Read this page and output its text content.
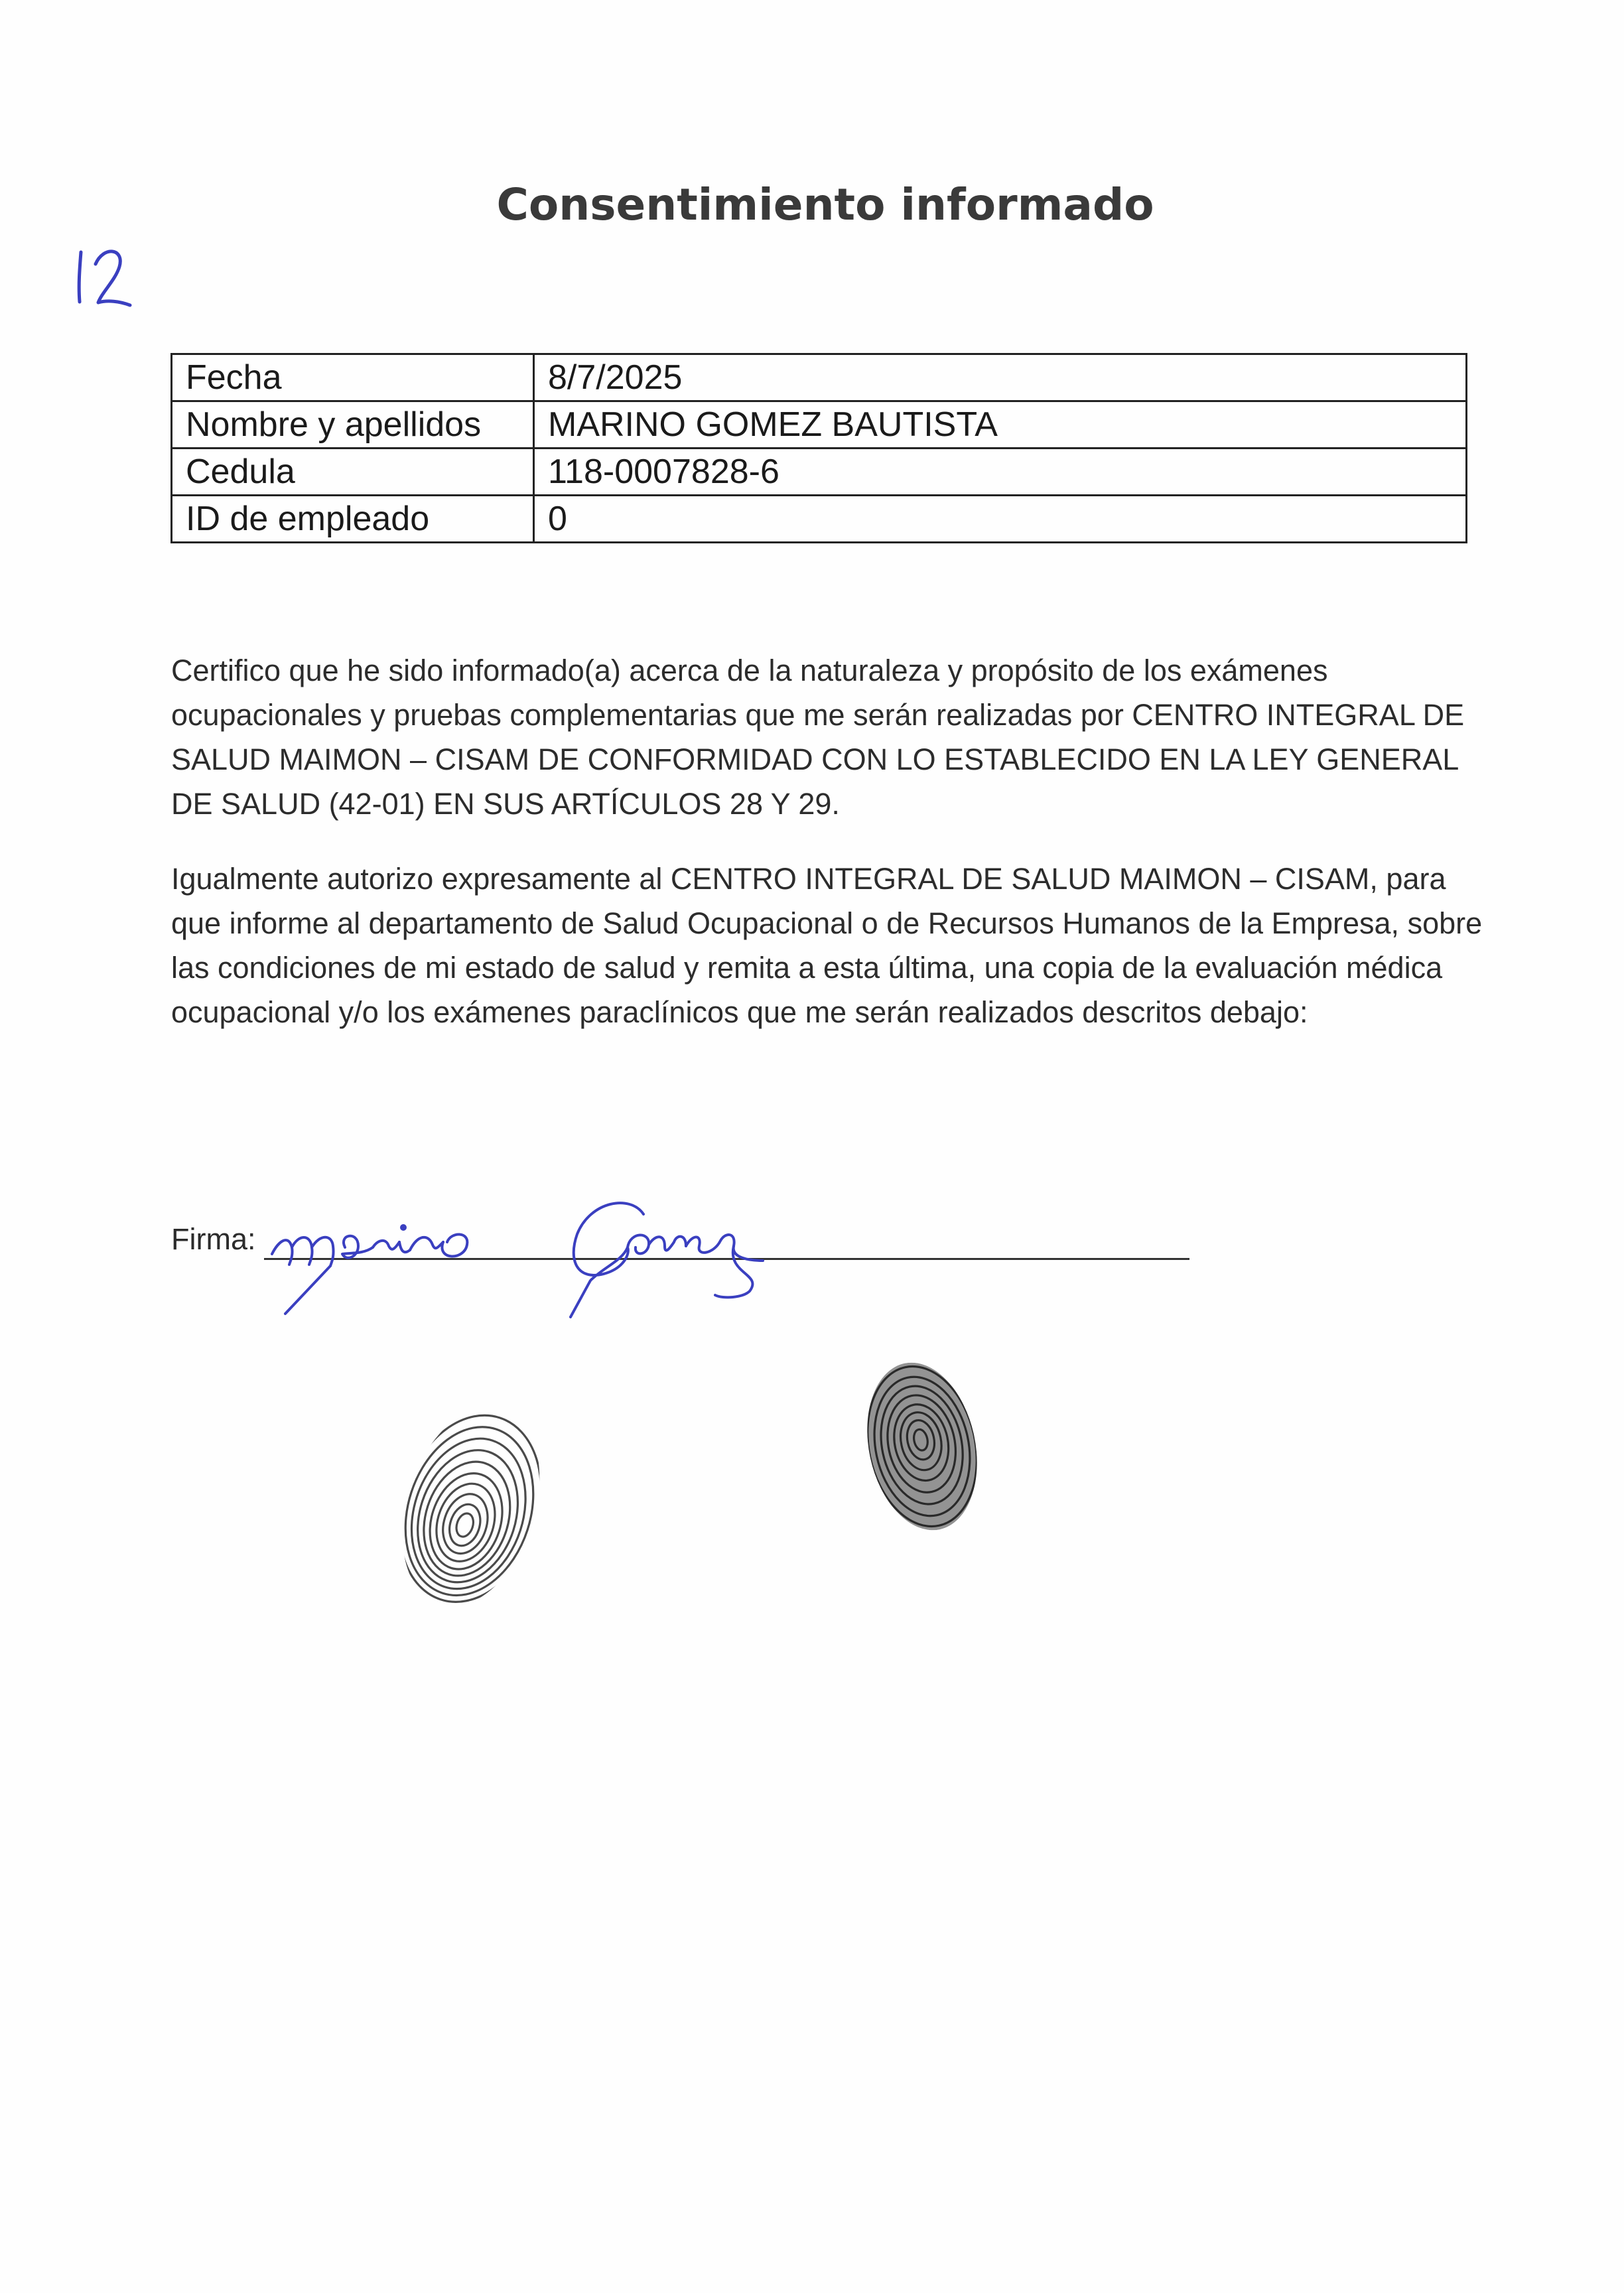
Consentimiento informado
Fecha	8/7/2025
Nombre y apellidos	MARINO GOMEZ BAUTISTA
Cedula	118-0007828-6
ID de empleado	0

Certifico que he sido informado(a) acerca de la naturaleza y propósito de los exámenes ocupacionales y pruebas complementarias que me serán realizadas por CENTRO INTEGRAL DE SALUD MAIMON – CISAM DE CONFORMIDAD CON LO ESTABLECIDO EN LA LEY GENERAL DE SALUD (42-01) EN SUS ARTÍCULOS 28 Y 29.

Igualmente autorizo expresamente al CENTRO INTEGRAL DE SALUD MAIMON – CISAM, para que informe al departamento de Salud Ocupacional o de Recursos Humanos de la Empresa, sobre las condiciones de mi estado de salud y remita a esta última, una copia de la evaluación médica ocupacional y/o los exámenes paraclínicos que me serán realizados descritos debajo:

Firma:
